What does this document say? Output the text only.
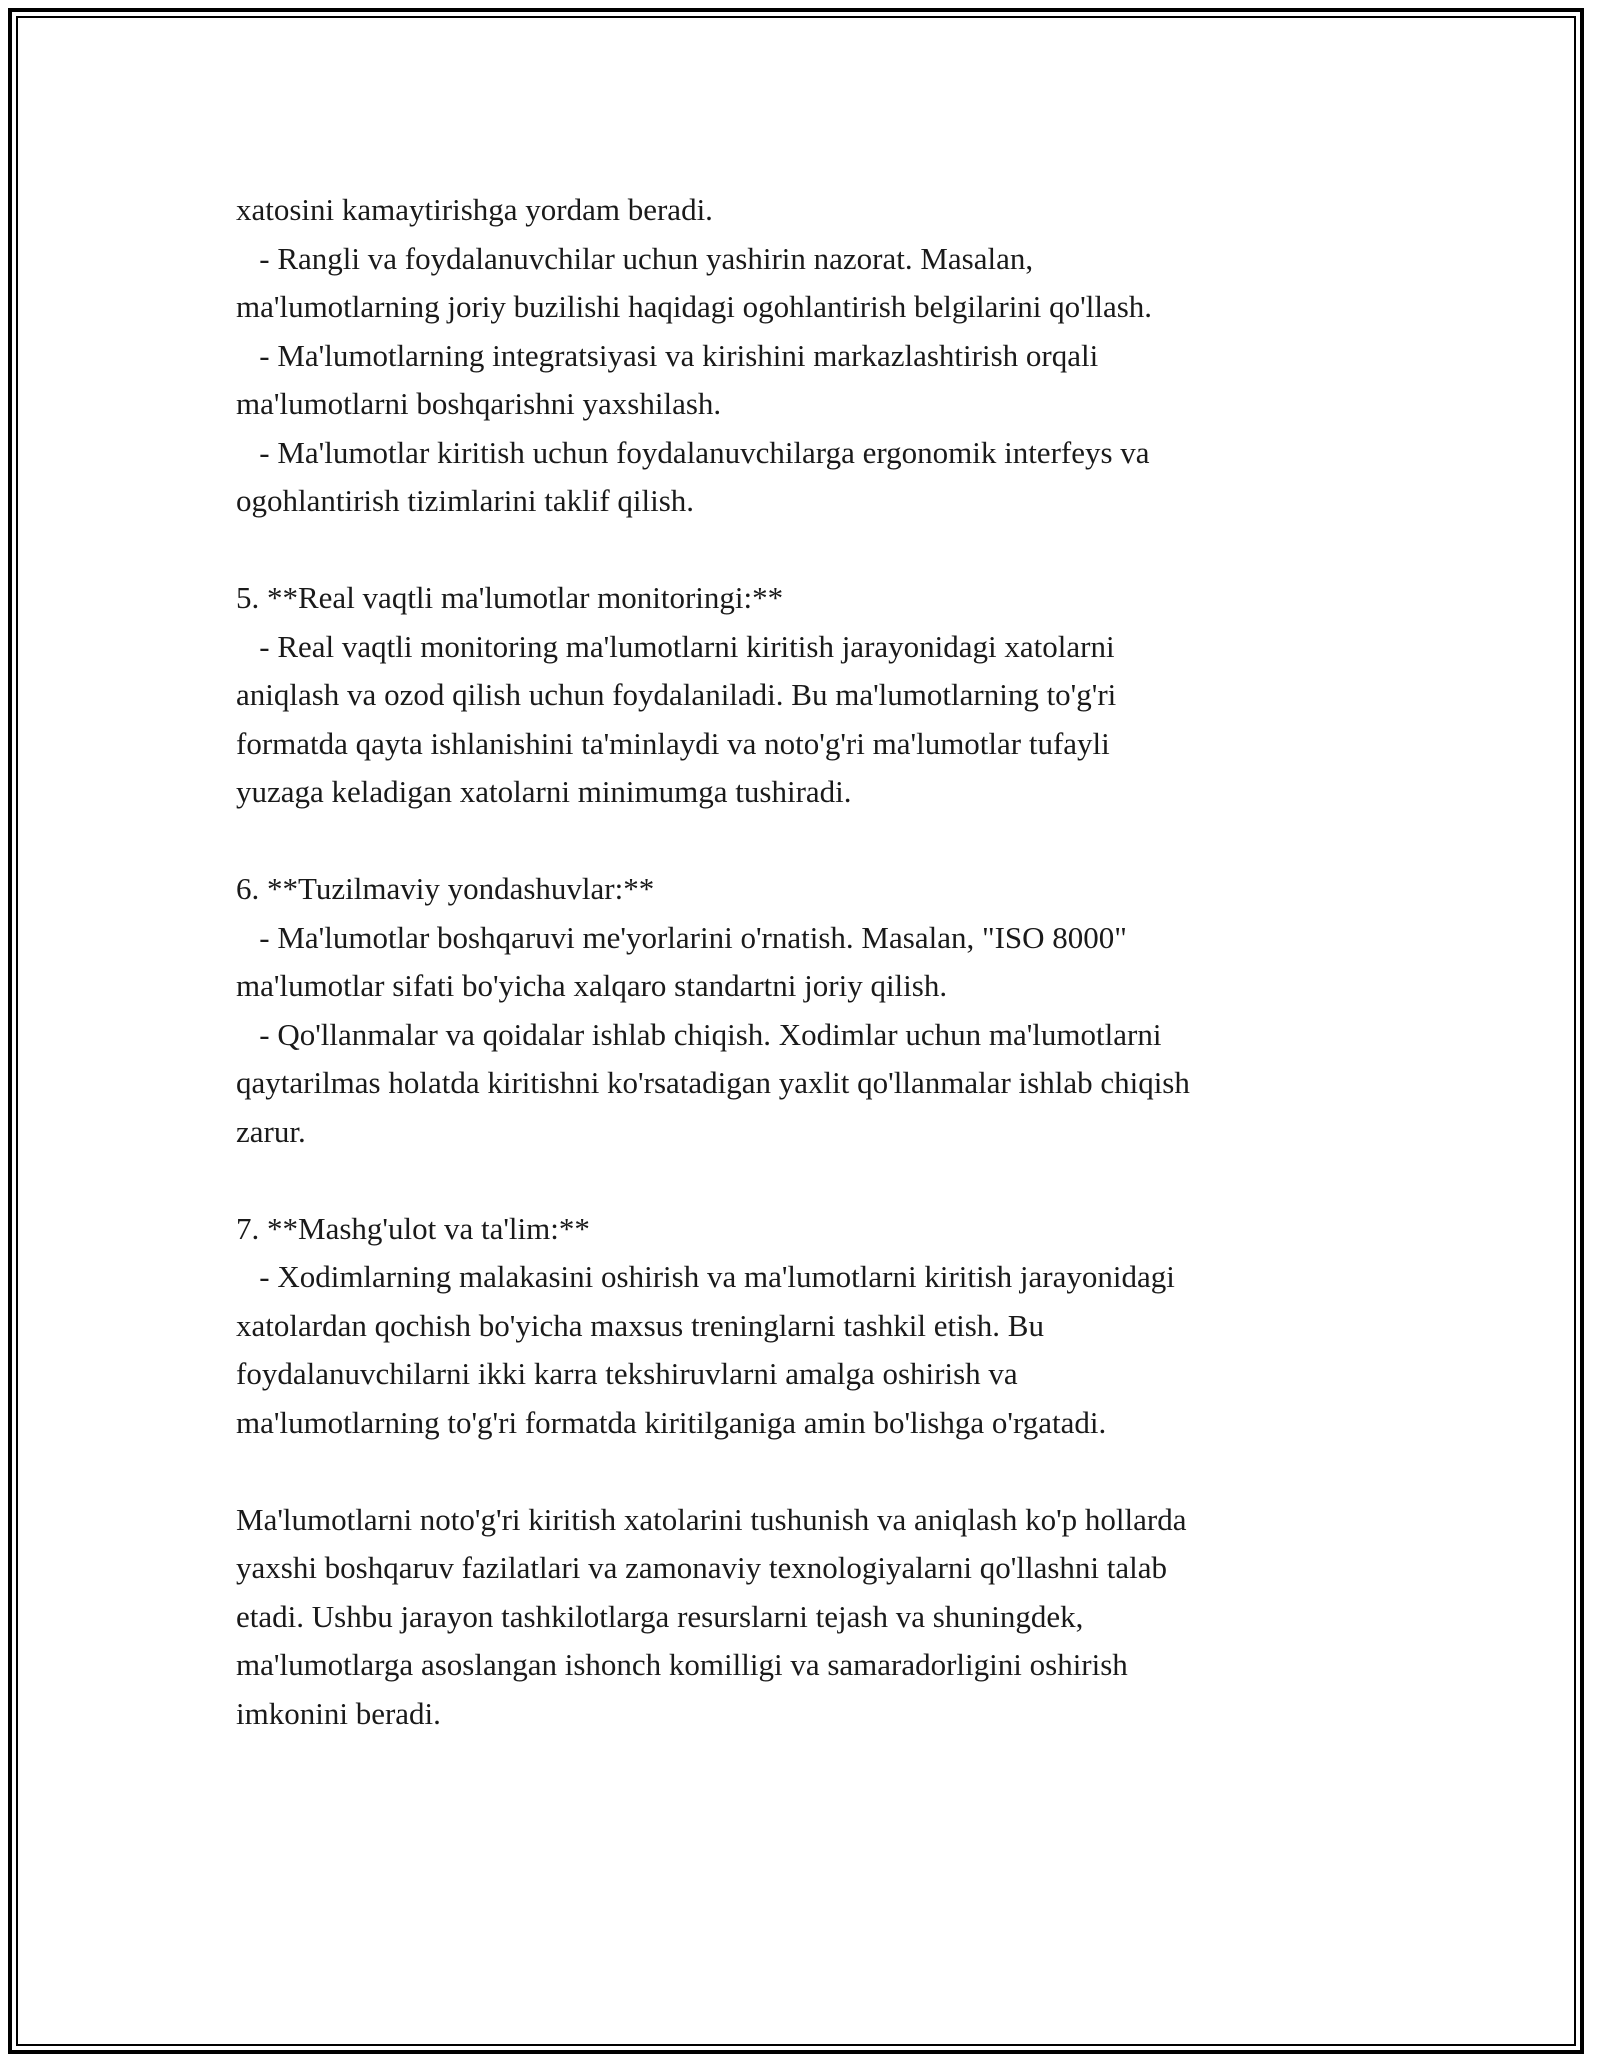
xatosini kamaytirishga yordam beradi.
- Rangli va foydalanuvchilar uchun yashirin nazorat. Masalan,
ma'lumotlarning joriy buzilishi haqidagi ogohlantirish belgilarini qo'llash.
- Ma'lumotlarning integratsiyasi va kirishini markazlashtirish orqali
ma'lumotlarni boshqarishni yaxshilash.
- Ma'lumotlar kiritish uchun foydalanuvchilarga ergonomik interfeys va
ogohlantirish tizimlarini taklif qilish.
5. **Real vaqtli ma'lumotlar monitoringi:**
- Real vaqtli monitoring ma'lumotlarni kiritish jarayonidagi xatolarni
aniqlash va ozod qilish uchun foydalaniladi. Bu ma'lumotlarning to'g'ri
formatda qayta ishlanishini ta'minlaydi va noto'g'ri ma'lumotlar tufayli
yuzaga keladigan xatolarni minimumga tushiradi.
6. **Tuzilmaviy yondashuvlar:**
- Ma'lumotlar boshqaruvi me'yorlarini o'rnatish. Masalan, "ISO 8000"
ma'lumotlar sifati bo'yicha xalqaro standartni joriy qilish.
- Qo'llanmalar va qoidalar ishlab chiqish. Xodimlar uchun ma'lumotlarni
qaytarilmas holatda kiritishni ko'rsatadigan yaxlit qo'llanmalar ishlab chiqish
zarur.
7. **Mashg'ulot va ta'lim:**
- Xodimlarning malakasini oshirish va ma'lumotlarni kiritish jarayonidagi
xatolardan qochish bo'yicha maxsus treninglarni tashkil etish. Bu
foydalanuvchilarni ikki karra tekshiruvlarni amalga oshirish va
ma'lumotlarning to'g'ri formatda kiritilganiga amin bo'lishga o'rgatadi.
Ma'lumotlarni noto'g'ri kiritish xatolarini tushunish va aniqlash ko'p hollarda
yaxshi boshqaruv fazilatlari va zamonaviy texnologiyalarni qo'llashni talab
etadi. Ushbu jarayon tashkilotlarga resurslarni tejash va shuningdek,
ma'lumotlarga asoslangan ishonch komilligi va samaradorligini oshirish
imkonini beradi.
